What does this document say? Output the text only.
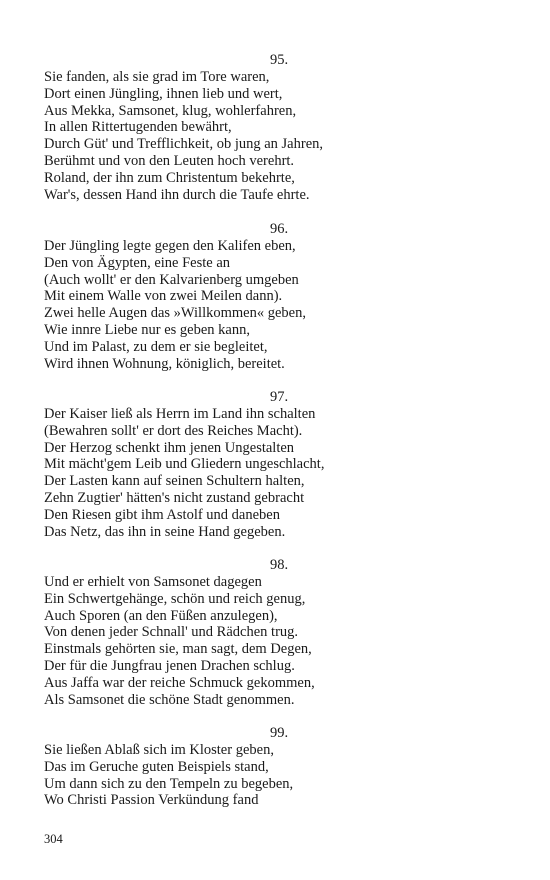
95.
Sie fanden, als sie grad im Tore waren,
Dort einen Jüngling, ihnen lieb und wert,
Aus Mekka, Samsonet, klug, wohlerfahren,
In allen Rittertugenden bewährt,
Durch Güt' und Trefflichkeit, ob jung an Jahren,
Berühmt und von den Leuten hoch verehrt.
Roland, der ihn zum Christentum bekehrte,
War's, dessen Hand ihn durch die Taufe ehrte.
96.
Der Jüngling legte gegen den Kalifen eben,
Den von Ägypten, eine Feste an
(Auch wollt' er den Kalvarienberg umgeben
Mit einem Walle von zwei Meilen dann).
Zwei helle Augen das »Willkommen« geben,
Wie innre Liebe nur es geben kann,
Und im Palast, zu dem er sie begleitet,
Wird ihnen Wohnung, königlich, bereitet.
97.
Der Kaiser ließ als Herrn im Land ihn schalten
(Bewahren sollt' er dort des Reiches Macht).
Der Herzog schenkt ihm jenen Ungestalten
Mit mächt'gem Leib und Gliedern ungeschlacht,
Der Lasten kann auf seinen Schultern halten,
Zehn Zugtier' hätten's nicht zustand gebracht
Den Riesen gibt ihm Astolf und daneben
Das Netz, das ihn in seine Hand gegeben.
98.
Und er erhielt von Samsonet dagegen
Ein Schwertgehänge, schön und reich genug,
Auch Sporen (an den Füßen anzulegen),
Von denen jeder Schnall' und Rädchen trug.
Einstmals gehörten sie, man sagt, dem Degen,
Der für die Jungfrau jenen Drachen schlug.
Aus Jaffa war der reiche Schmuck gekommen,
Als Samsonet die schöne Stadt genommen.
99.
Sie ließen Ablaß sich im Kloster geben,
Das im Geruche guten Beispiels stand,
Um dann sich zu den Tempeln zu begeben,
Wo Christi Passion Verkündung fand
304
